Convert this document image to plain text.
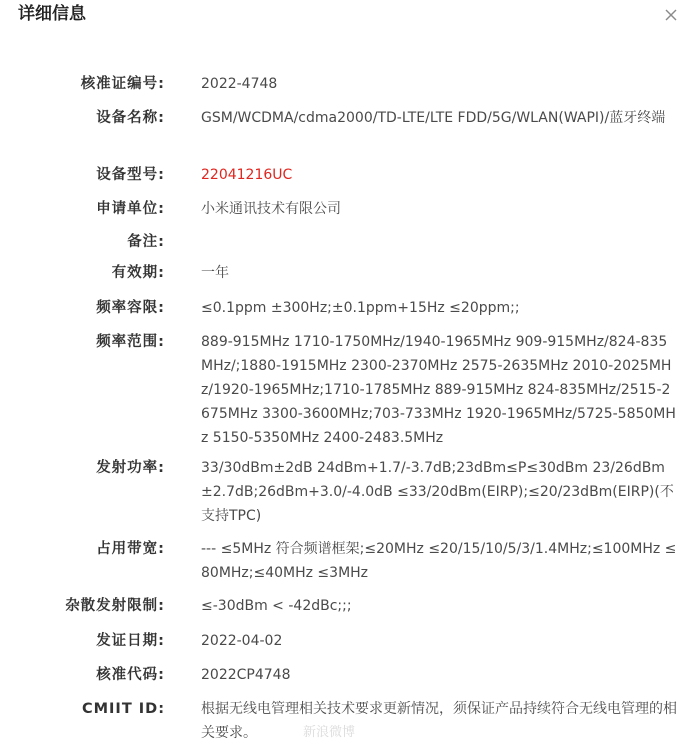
详细信息
核准证编号:	2022-4748
设备名称:	GSM/WCDMA/cdma2000/TD-LTE/LTE FDD/5G/WLAN(WAPI)/蓝牙终端
设备型号:	22041216UC
申请单位:	小米通讯技术有限公司
备注:
有效期:	一年
频率容限:	≤0.1ppm ±300Hz;±0.1ppm+15Hz ≤20ppm;;
频率范围:	889-915MHz 1710-1750MHz/1940-1965MHz 909-915MHz/824-835MHz/;1880-1915MHz 2300-2370MHz 2575-2635MHz 2010-2025MHz/1920-1965MHz;1710-1785MHz 889-915MHz 824-835MHz/2515-2675MHz 3300-3600MHz;703-733MHz 1920-1965MHz/5725-5850MHz 5150-5350MHz 2400-2483.5MHz
发射功率:	33/30dBm±2dB 24dBm+1.7/-3.7dB;23dBm≤P≤30dBm 23/26dBm±2.7dB;26dBm+3.0/-4.0dB ≤33/20dBm(EIRP);≤20/23dBm(EIRP)(不支持TPC)
占用带宽:	--- ≤5MHz 符合频谱框架;≤20MHz ≤20/15/10/5/3/1.4MHz;≤100MHz ≤80MHz;≤40MHz ≤3MHz
杂散发射限制:	≤-30dBm < -42dBc;;;
发证日期:	2022-04-02
核准代码:	2022CP4748
CMIIT ID:	根据无线电管理相关技术要求更新情况，须保证产品持续符合无线电管理的相关要求。	新浪微博
